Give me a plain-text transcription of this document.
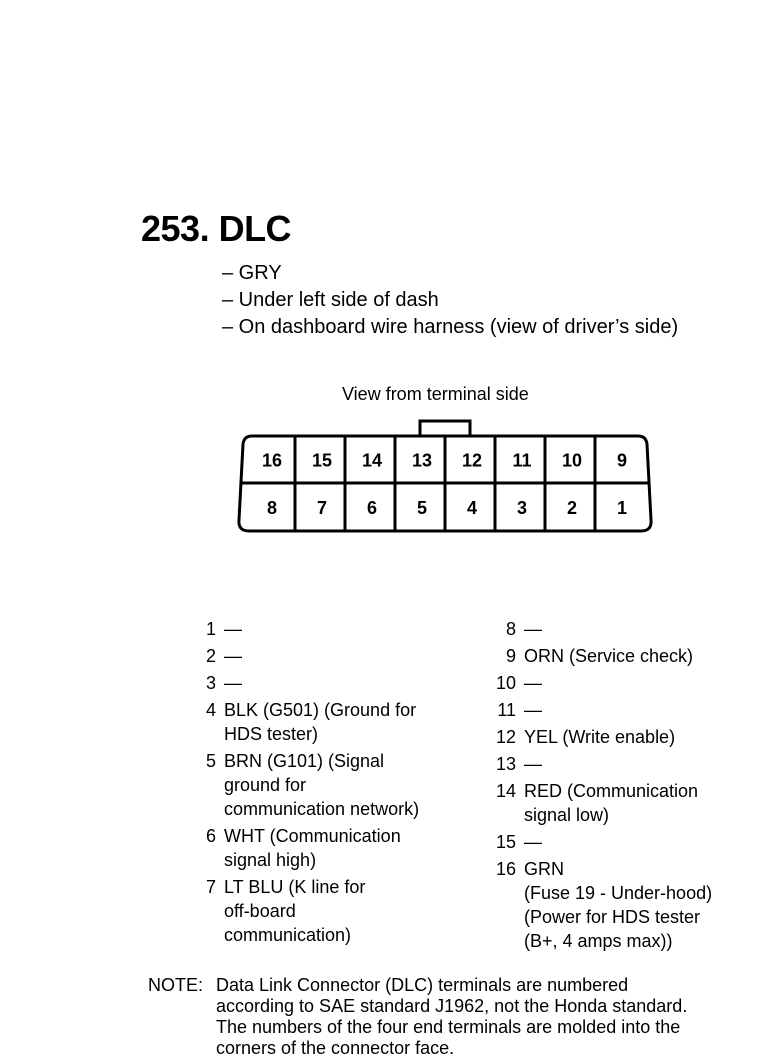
253. DLC
– GRY
– Under left side of dash
– On dashboard wire harness (view of driver’s side)
View from terminal side
16 15 14 13 12 11 10 9
8 7 6 5 4 3 2 1
1 —
2 —
3 —
4 BLK (G501) (Ground for
HDS tester)
5 BRN (G101) (Signal
ground for
communication network)
6 WHT (Communication
signal high)
7 LT BLU (K line for
off-board
communication)
8 —
9 ORN (Service check)
10 —
11 —
12 YEL (Write enable)
13 —
14 RED (Communication
signal low)
15 —
16 GRN
(Fuse 19 - Under-hood)
(Power for HDS tester
(B+, 4 amps max))
NOTE: Data Link Connector (DLC) terminals are numbered
according to SAE standard J1962, not the Honda standard.
The numbers of the four end terminals are molded into the
corners of the connector face.
